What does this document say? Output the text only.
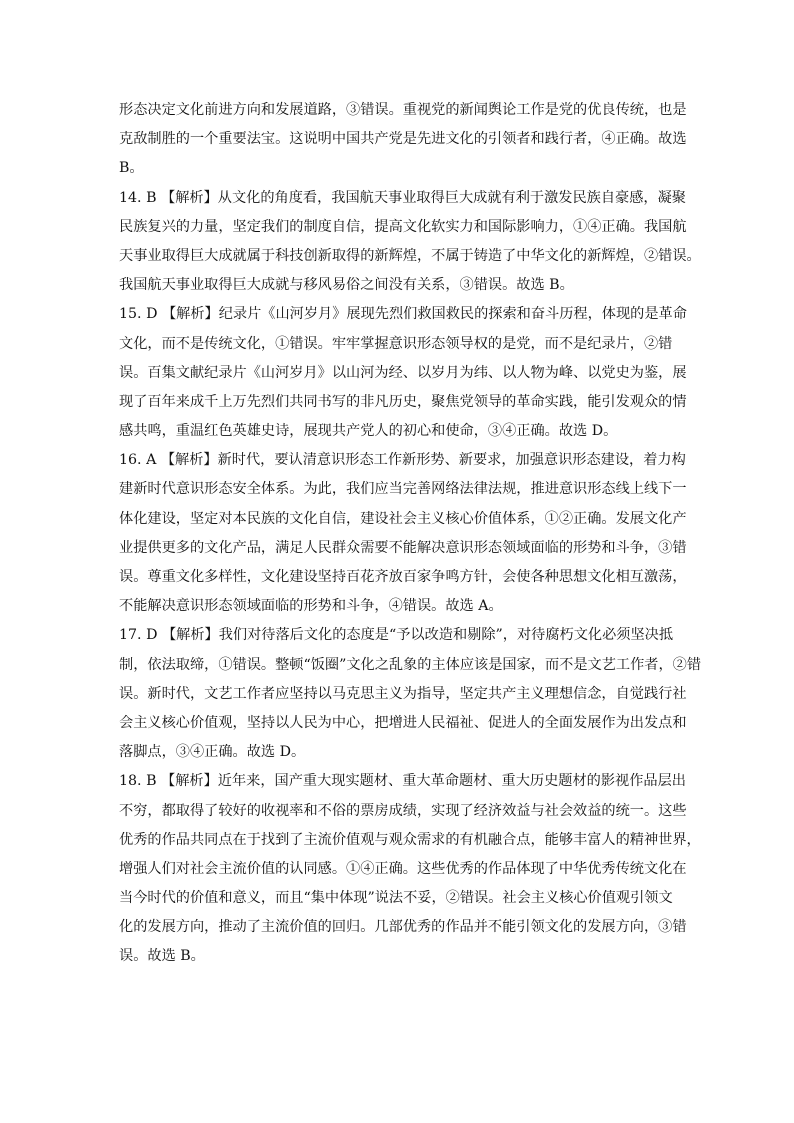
形态决定文化前进方向和发展道路，③错误。重视党的新闻舆论工作是党的优良传统，也是
克敌制胜的一个重要法宝。这说明中国共产党是先进文化的引领者和践行者，④正确。故选
B。
14. B 【解析】从文化的角度看，我国航天事业取得巨大成就有利于激发民族自豪感，凝聚
民族复兴的力量，坚定我们的制度自信，提高文化软实力和国际影响力，①④正确。我国航
天事业取得巨大成就属于科技创新取得的新辉煌，不属于铸造了中华文化的新辉煌，②错误。
我国航天事业取得巨大成就与移风易俗之间没有关系，③错误。故选 B。
15. D 【解析】纪录片《山河岁月》展现先烈们救国救民的探索和奋斗历程，体现的是革命
文化，而不是传统文化，①错误。牢牢掌握意识形态领导权的是党，而不是纪录片，②错
误。百集文献纪录片《山河岁月》以山河为经、以岁月为纬、以人物为峰、以党史为鉴，展
现了百年来成千上万先烈们共同书写的非凡历史，聚焦党领导的革命实践，能引发观众的情
感共鸣，重温红色英雄史诗，展现共产党人的初心和使命，③④正确。故选 D。
16. A 【解析】新时代，要认清意识形态工作新形势、新要求，加强意识形态建设，着力构
建新时代意识形态安全体系。为此，我们应当完善网络法律法规，推进意识形态线上线下一
体化建设，坚定对本民族的文化自信，建设社会主义核心价值体系，①②正确。发展文化产
业提供更多的文化产品，满足人民群众需要不能解决意识形态领域面临的形势和斗争，③错
误。尊重文化多样性，文化建设坚持百花齐放百家争鸣方针，会使各种思想文化相互激荡，
不能解决意识形态领域面临的形势和斗争，④错误。故选 A。
17. D 【解析】我们对待落后文化的态度是“予以改造和剔除”，对待腐朽文化必须坚决抵
制，依法取缔，①错误。整顿“饭圈”文化之乱象的主体应该是国家，而不是文艺工作者，②错
误。新时代，文艺工作者应坚持以马克思主义为指导，坚定共产主义理想信念，自觉践行社
会主义核心价值观，坚持以人民为中心，把增进人民福祉、促进人的全面发展作为出发点和
落脚点，③④正确。故选 D。
18. B 【解析】近年来，国产重大现实题材、重大革命题材、重大历史题材的影视作品层出
不穷，都取得了较好的收视率和不俗的票房成绩，实现了经济效益与社会效益的统一。这些
优秀的作品共同点在于找到了主流价值观与观众需求的有机融合点，能够丰富人的精神世界，
增强人们对社会主流价值的认同感。①④正确。这些优秀的作品体现了中华优秀传统文化在
当今时代的价值和意义，而且“集中体现”说法不妥，②错误。社会主义核心价值观引领文
化的发展方向，推动了主流价值的回归。几部优秀的作品并不能引领文化的发展方向，③错
误。故选 B。
